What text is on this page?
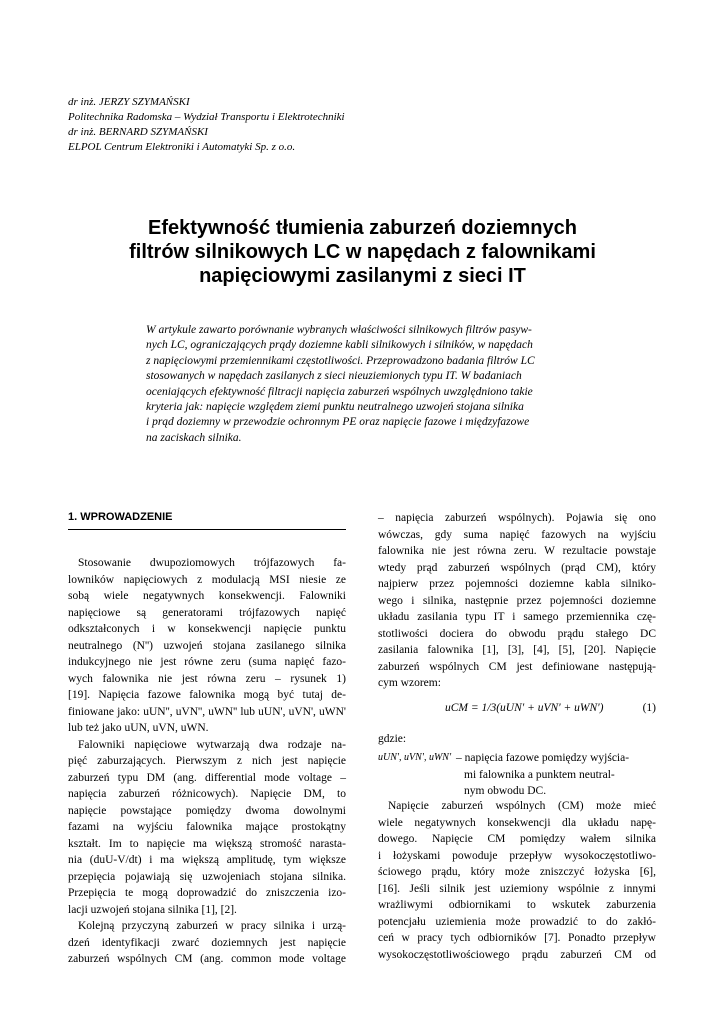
dr inż. JERZY SZYMAŃSKI
Politechnika Radomska – Wydział Transportu i Elektrotechniki
dr inż. BERNARD SZYMAŃSKI
ELPOL Centrum Elektroniki i Automatyki Sp. z o.o.
Efektywność tłumienia zaburzeń doziemnych
filtrów silnikowych LC w napędach z falownikami
napięciowymi zasilanymi z sieci IT
W artykule zawarto porównanie wybranych właściwości silnikowych filtrów pasyw-
nych LC, ograniczających prądy doziemne kabli silnikowych i silników, w napędach
z napięciowymi przemiennikami częstotliwości. Przeprowadzono badania filtrów LC
stosowanych w napędach zasilanych z sieci nieuziemionych typu IT. W badaniach
oceniających efektywność filtracji napięcia zaburzeń wspólnych uwzględniono takie
kryteria jak: napięcie względem ziemi punktu neutralnego uzwojeń stojana silnika
i prąd doziemny w przewodzie ochronnym PE oraz napięcie fazowe i międzyfazowe
na zaciskach silnika.
1. WPROWADZENIE
Stosowanie dwupoziomowych trójfazowych fa-
lowników napięciowych z modulacją MSI niesie ze
sobą wiele negatywnych konsekwencji. Falowniki
napięciowe są generatorami trójfazowych napięć
odkształconych i w konsekwencji napięcie punktu
neutralnego (N'') uzwojeń stojana zasilanego silnika
indukcyjnego nie jest równe zeru (suma napięć fazo-
wych falownika nie jest równa zeru – rysunek 1)
[19]. Napięcia fazowe falownika mogą być tutaj de-
finiowane jako: uUN'', uVN'', uWN'' lub uUN', uVN', uWN'
lub też jako uUN, uVN, uWN.
Falowniki napięciowe wytwarzają dwa rodzaje na-
pięć zaburzających. Pierwszym z nich jest napięcie
zaburzeń typu DM (ang. differential mode voltage –
napięcia zaburzeń różnicowych). Napięcie DM, to
napięcie powstające pomiędzy dwoma dowolnymi
fazami na wyjściu falownika mające prostokątny
kształt. Im to napięcie ma większą stromość narasta-
nia (duU-V/dt) i ma większą amplitudę, tym większe
przepięcia pojawiają się uzwojeniach stojana silnika.
Przepięcia te mogą doprowadzić do zniszczenia izo-
lacji uzwojeń stojana silnika [1], [2].
Kolejną przyczyną zaburzeń w pracy silnika i urzą-
dzeń identyfikacji zwarć doziemnych jest napięcie
zaburzeń wspólnych CM (ang. common mode voltage
– napięcia zaburzeń wspólnych). Pojawia się ono
wówczas, gdy suma napięć fazowych na wyjściu
falownika nie jest równa zeru. W rezultacie powstaje
wtedy prąd zaburzeń wspólnych (prąd CM), który
najpierw przez pojemności doziemne kabla silniko-
wego i silnika, następnie przez pojemności doziemne
układu zasilania typu IT i samego przemiennika czę-
stotliwości dociera do obwodu prądu stałego DC
zasilania falownika [1], [3], [4], [5], [20]. Napięcie
zaburzeń wspólnych CM jest definiowane następują-
cym wzorem:
uCM = 1/3(uUN' + uVN' + uWN')	(1)
gdzie:
uUN', uVN', uWN' – napięcia fazowe pomiędzy wyjścia-
mi falownika a punktem neutral-
nym obwodu DC.
Napięcie zaburzeń wspólnych (CM) może mieć
wiele negatywnych konsekwencji dla układu napę-
dowego. Napięcie CM pomiędzy wałem silnika
i łożyskami powoduje przepływ wysokoczęstotliwo-
ściowego prądu, który może zniszczyć łożyska [6],
[16]. Jeśli silnik jest uziemiony wspólnie z innymi
wrażliwymi odbiornikami to wskutek zaburzenia
potencjału uziemienia może prowadzić to do zakłó-
ceń w pracy tych odbiorników [7]. Ponadto przepływ
wysokoczęstotliwościowego prądu zaburzeń CM od
